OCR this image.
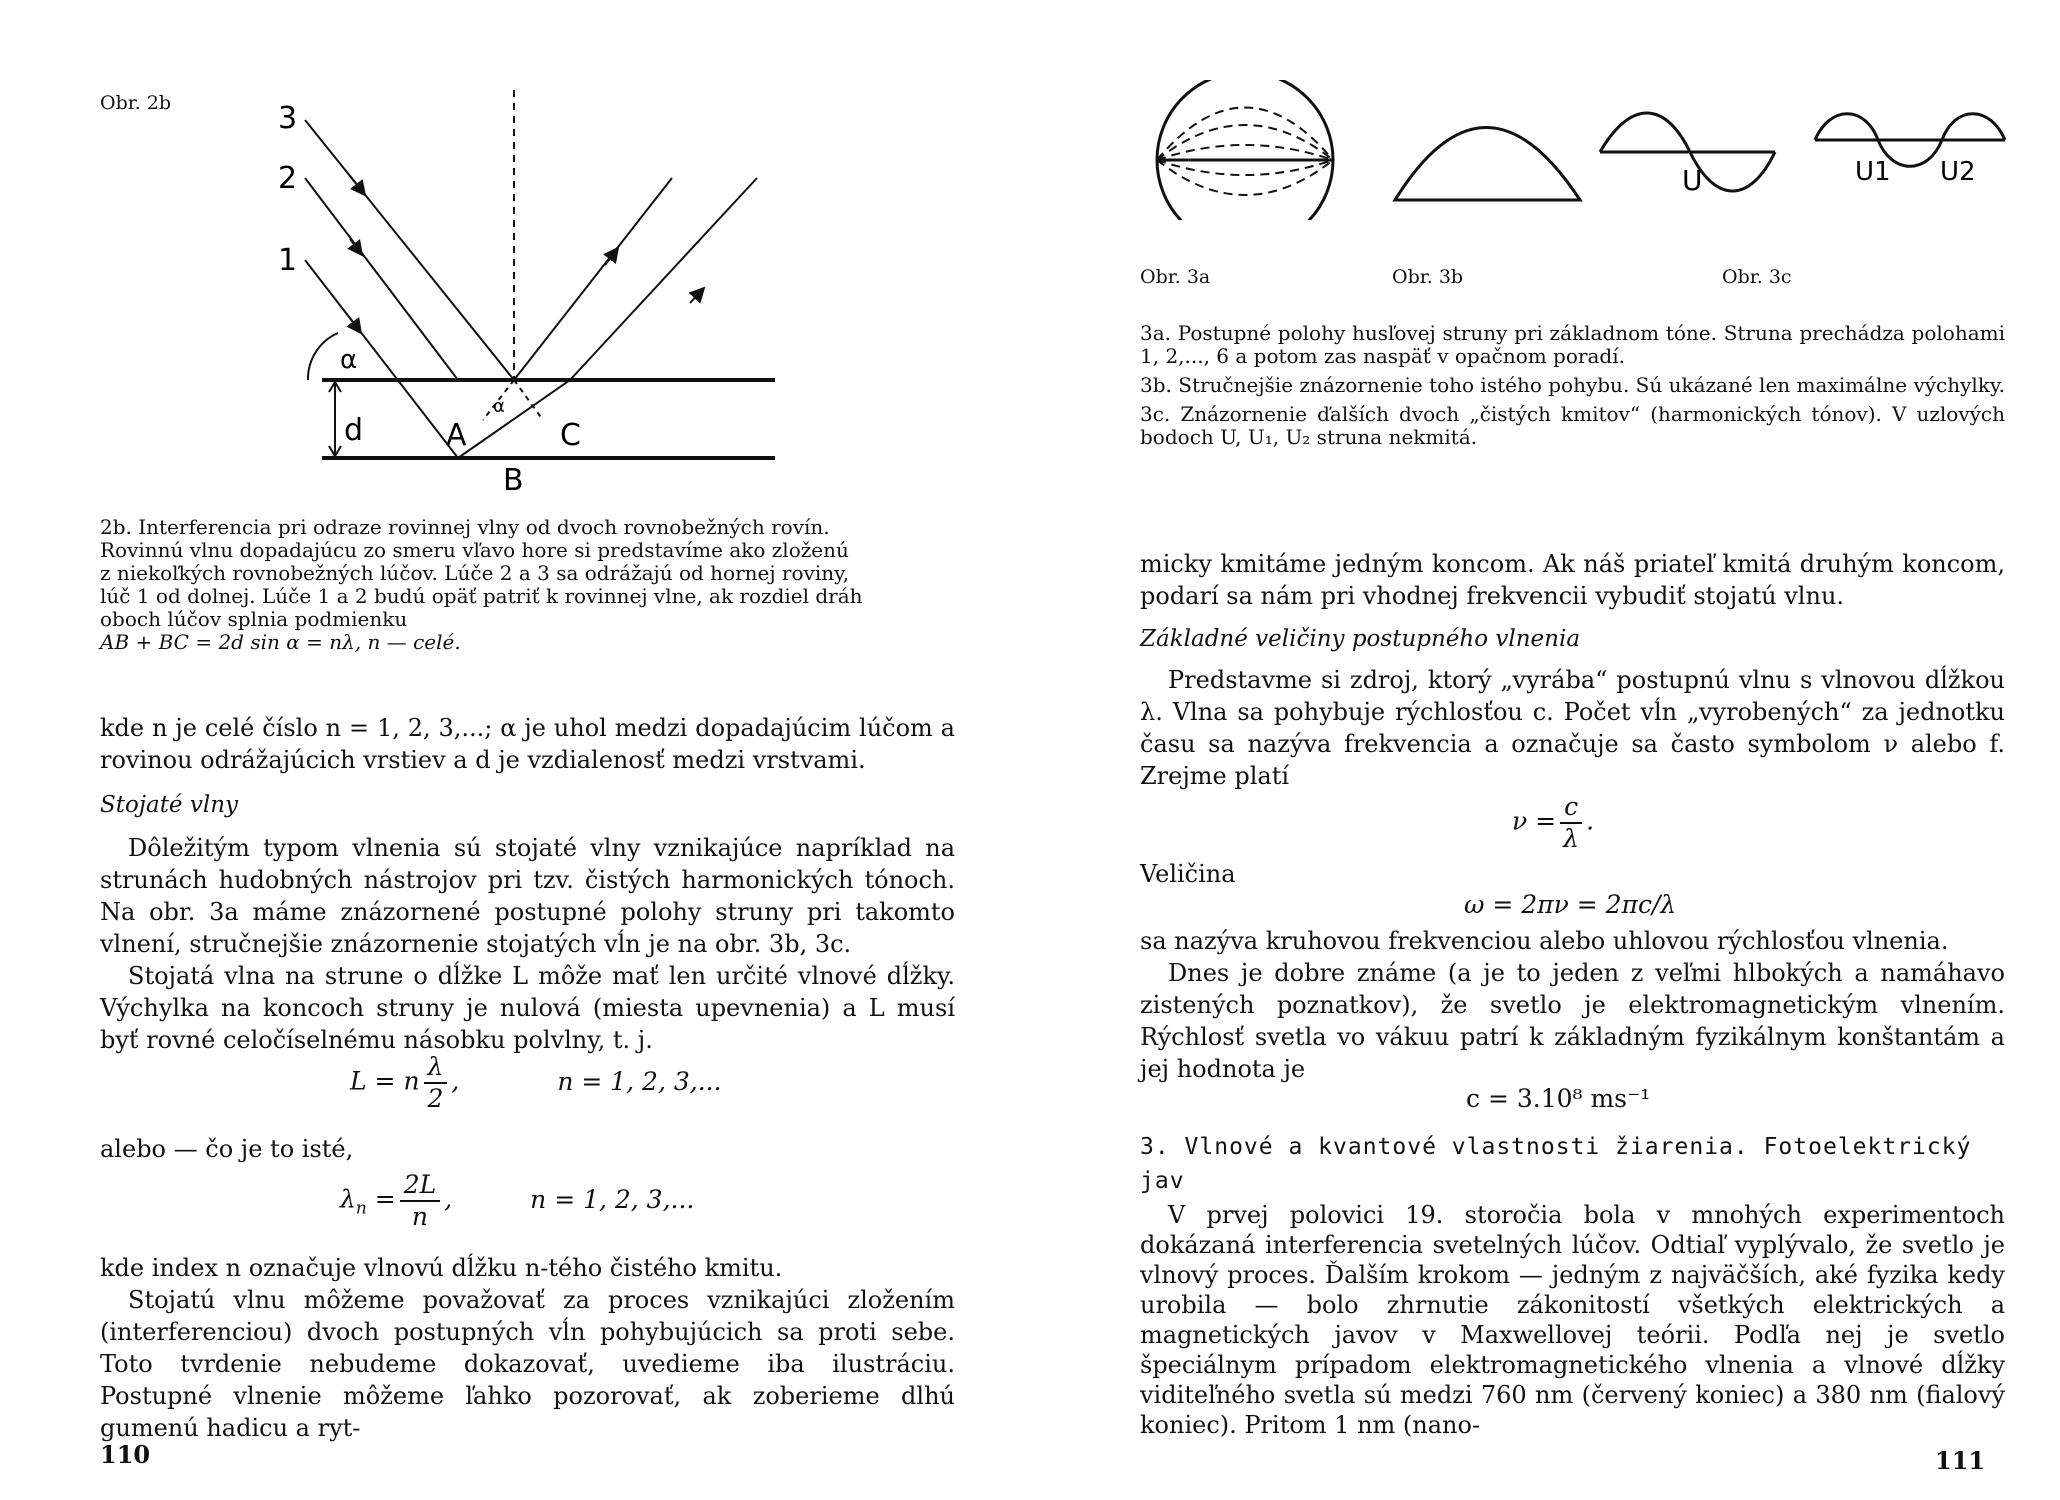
Obr. 2b	3
2
1
α
α
d	A	C
B
2b. Interferencia pri odraze rovinnej vlny od dvoch rovnobežných rovín.
Rovinnú vlnu dopadajúcu zo smeru vľavo hore si predstavíme ako zloženú
z niekoľkých rovnobežných lúčov. Lúče 2 a 3 sa odrážajú od hornej roviny,
lúč 1 od dolnej. Lúče 1 a 2 budú opäť patriť k rovinnej vlne, ak rozdiel dráh
oboch lúčov splnia podmienku
AB + BC = 2d sin α = nλ, n — celé.

kde n je celé číslo n = 1, 2, 3,...; α je uhol medzi dopadajúcim lúčom a rovinou odrážajúcich vrstiev a d je vzdialenosť medzi vrstvami.

Stojaté vlny

Dôležitým typom vlnenia sú stojaté vlny vznikajúce napríklad na strunách hudobných nástrojov pri tzv. čistých harmonických tónoch. Na obr. 3a máme znázornené postupné polohy struny pri takomto vlnení, stručnejšie znázornenie stojatých vĺn je na obr. 3b, 3c.

Stojatá vlna na strune o dĺžke L môže mať len určité vlnové dĺžky. Výchylka na koncoch struny je nulová (miesta upevnenia) a L musí byť rovné celočíselnému násobku polvlny, t. j.

L = n $\frac{\lambda}{2}$ ,	n = 1, 2, 3,...

alebo — čo je to isté,

$\lambda_n = \frac{2L}{n}$ ,	n = 1, 2, 3,...

kde index n označuje vlnovú dĺžku n-tého čistého kmitu.

Stojatú vlnu môžeme považovať za proces vznikajúci zložením (interferenciou) dvoch postupných vĺn pohybujúcich sa proti sebe. Toto tvrdenie nebudeme dokazovať, uvedieme iba ilustráciu. Postupné vlnenie môžeme ľahko pozorovať, ak zoberieme dlhú gumenú hadicu a ryt-

110
U	U1 U2
Obr. 3a	Obr. 3b	Obr. 3c
3a. Postupné polohy husľovej struny pri základnom tóne. Struna prechádza polohami 1, 2,..., 6 a potom zas naspäť v opačnom poradí.
3b. Stručnejšie znázornenie toho istého pohybu. Sú ukázané len maximálne výchylky.
3c. Znázornenie ďalších dvoch „čistých kmitov“ (harmonických tónov). V uzlových bodoch U, U₁, U₂ struna nekmitá.

micky kmitáme jedným koncom. Ak náš priateľ kmitá druhým koncom, podarí sa nám pri vhodnej frekvencii vybudiť stojatú vlnu.

Základné veličiny postupného vlnenia

Predstavme si zdroj, ktorý „vyrába“ postupnú vlnu s vlnovou dĺžkou λ. Vlna sa pohybuje rýchlosťou c. Počet vĺn „vyrobených“ za jednotku času sa nazýva frekvencia a označuje sa často symbolom ν alebo f. Zrejme platí

$\nu = \frac{c}{\lambda}$ .

Veličina

ω = 2πν = 2πc/λ

sa nazýva kruhovou frekvenciou alebo uhlovou rýchlosťou vlnenia.

Dnes je dobre známe (a je to jeden z veľmi hlbokých a namáhavo zistených poznatkov), že svetlo je elektromagnetickým vlnením. Rýchlosť svetla vo vákuu patrí k základným fyzikálnym konštantám a jej hodnota je

c = 3.10⁸ ms⁻¹
3. Vlnové a kvantové vlastnosti žiarenia. Fotoelektrický jav

V prvej polovici 19. storočia bola v mnohých experimentoch dokázaná interferencia svetelných lúčov. Odtiaľ vyplývalo, že svetlo je vlnový proces. Ďalším krokom — jedným z najväčších, aké fyzika kedy urobila — bolo zhrnutie zákonitostí všetkých elektrických a magnetických javov v Maxwellovej teórii. Podľa nej je svetlo špeciálnym prípadom elektromagnetického vlnenia a vlnové dĺžky viditeľného svetla sú medzi 760 nm (červený koniec) a 380 nm (fialový koniec). Pritom 1 nm (nano-

111
